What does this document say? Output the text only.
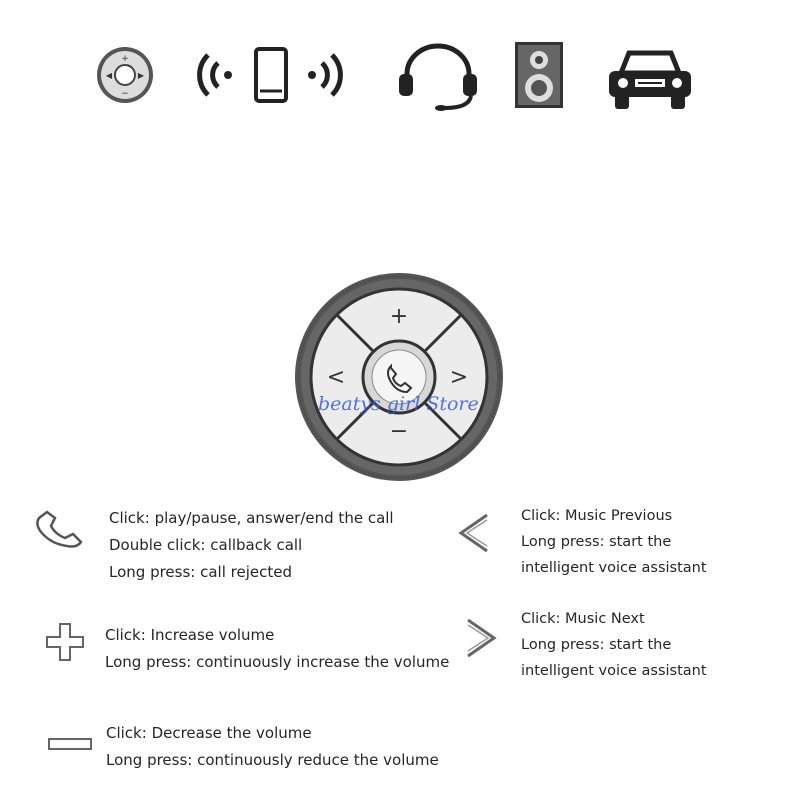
+
−
◀	▶
+
−
<	>
beatys girl Store
Click: play/pause, answer/end the call
Double click: callback call
Long press: call rejected
Click: Music Previous
Long press: start the
intelligent voice assistant
Click: Increase volume
Long press: continuously increase the volume
Click: Music Next
Long press: start the
intelligent voice assistant
Click: Decrease the volume
Long press: continuously reduce the volume
